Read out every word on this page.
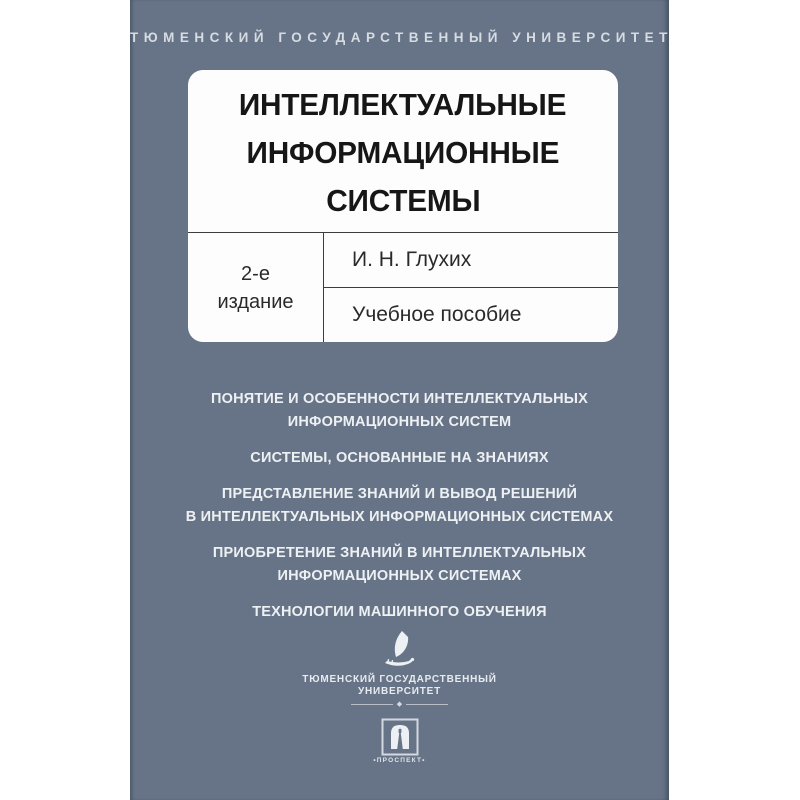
ТЮМЕНСКИЙ ГОСУДАРСТВЕННЫЙ УНИВЕРСИТЕТ
ИНТЕЛЛЕКТУАЛЬНЫЕ
ИНФОРМАЦИОННЫЕ
СИСТЕМЫ
2-е
издание
И. Н. Глухих
Учебное пособие
ПОНЯТИЕ И ОСОБЕННОСТИ ИНТЕЛЛЕКТУАЛЬНЫХ
ИНФОРМАЦИОННЫХ СИСТЕМ
СИСТЕМЫ, ОСНОВАННЫЕ НА ЗНАНИЯХ
ПРЕДСТАВЛЕНИЕ ЗНАНИЙ И ВЫВОД РЕШЕНИЙ
В ИНТЕЛЛЕКТУАЛЬНЫХ ИНФОРМАЦИОННЫХ СИСТЕМАХ
ПРИОБРЕТЕНИЕ ЗНАНИЙ В ИНТЕЛЛЕКТУАЛЬНЫХ
ИНФОРМАЦИОННЫХ СИСТЕМАХ
ТЕХНОЛОГИИ МАШИННОГО ОБУЧЕНИЯ
ТЮМЕНСКИЙ ГОСУДАРСТВЕННЫЙ
УНИВЕРСИТЕТ
◆
•ПРОСПЕКТ•
